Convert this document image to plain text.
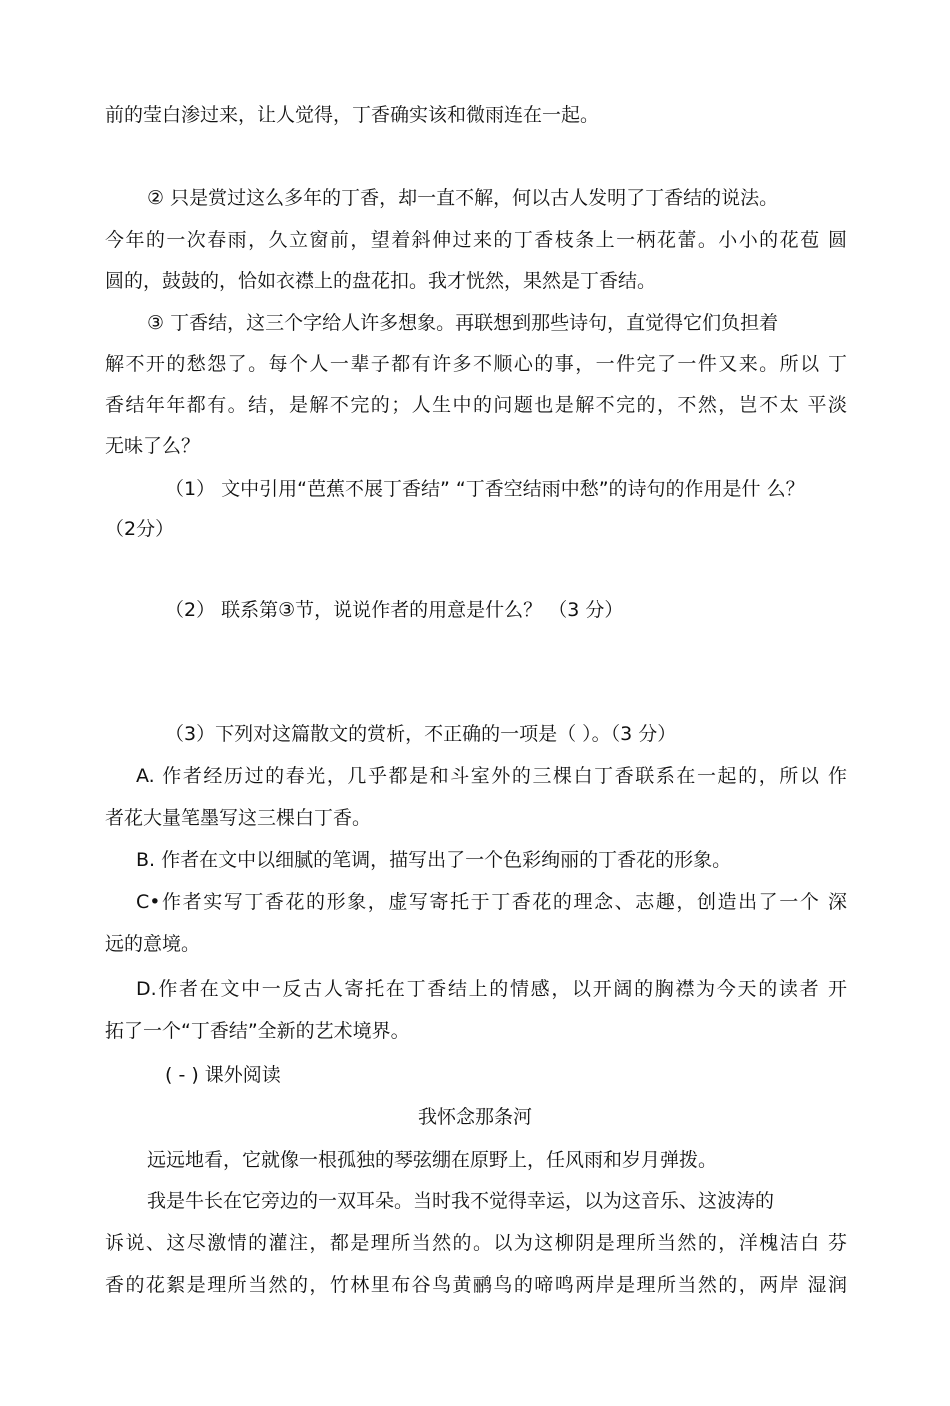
前的莹白渗过来，让人觉得，丁香确实该和微雨连在一起。
② 只是赏过这么多年的丁香，却一直不解，何以古人发明了丁香结的说法。
今年的一次春雨，久立窗前，望着斜伸过来的丁香枝条上一柄花蕾。小小的花苞 圆
圆的，鼓鼓的，恰如衣襟上的盘花扣。我才恍然，果然是丁香结。
③ 丁香结，这三个字给人许多想象。再联想到那些诗句，直觉得它们负担着
解不开的愁怨了。每个人一辈子都有许多不顺心的事，一件完了一件又来。所以 丁
香结年年都有。结，是解不完的；人生中的问题也是解不完的，不然，岂不太 平淡
无味了么？
（1） 文中引用“芭蕉不展丁香结” “丁香空结雨中愁”的诗句的作用是什 么？
（2分）
（2） 联系第③节，说说作者的用意是什么？ （3 分）
（3）下列对这篇散文的赏析，不正确的一项是（ ）。（3 分）
A. 作者经历过的春光，几乎都是和斗室外的三棵白丁香联系在一起的，所以 作
者花大量笔墨写这三棵白丁香。
B. 作者在文中以细腻的笔调，描写出了一个色彩绚丽的丁香花的形象。
C•作者实写丁香花的形象，虚写寄托于丁香花的理念、志趣，创造出了一个 深
远的意境。
D.作者在文中一反古人寄托在丁香结上的情感，以开阔的胸襟为今天的读者 开
拓了一个“丁香结”全新的艺术境界。
( - ) 课外阅读
我怀念那条河
远远地看，它就像一根孤独的琴弦绷在原野上，任风雨和岁月弹拨。
我是牛长在它旁边的一双耳朵。当时我不觉得幸运，以为这音乐、这波涛的
诉说、这尽激情的灌注，都是理所当然的。以为这柳阴是理所当然的，洋槐洁白 芬
香的花絮是理所当然的，竹林里布谷鸟黄鹂鸟的啼鸣两岸是理所当然的，两岸 湿润
